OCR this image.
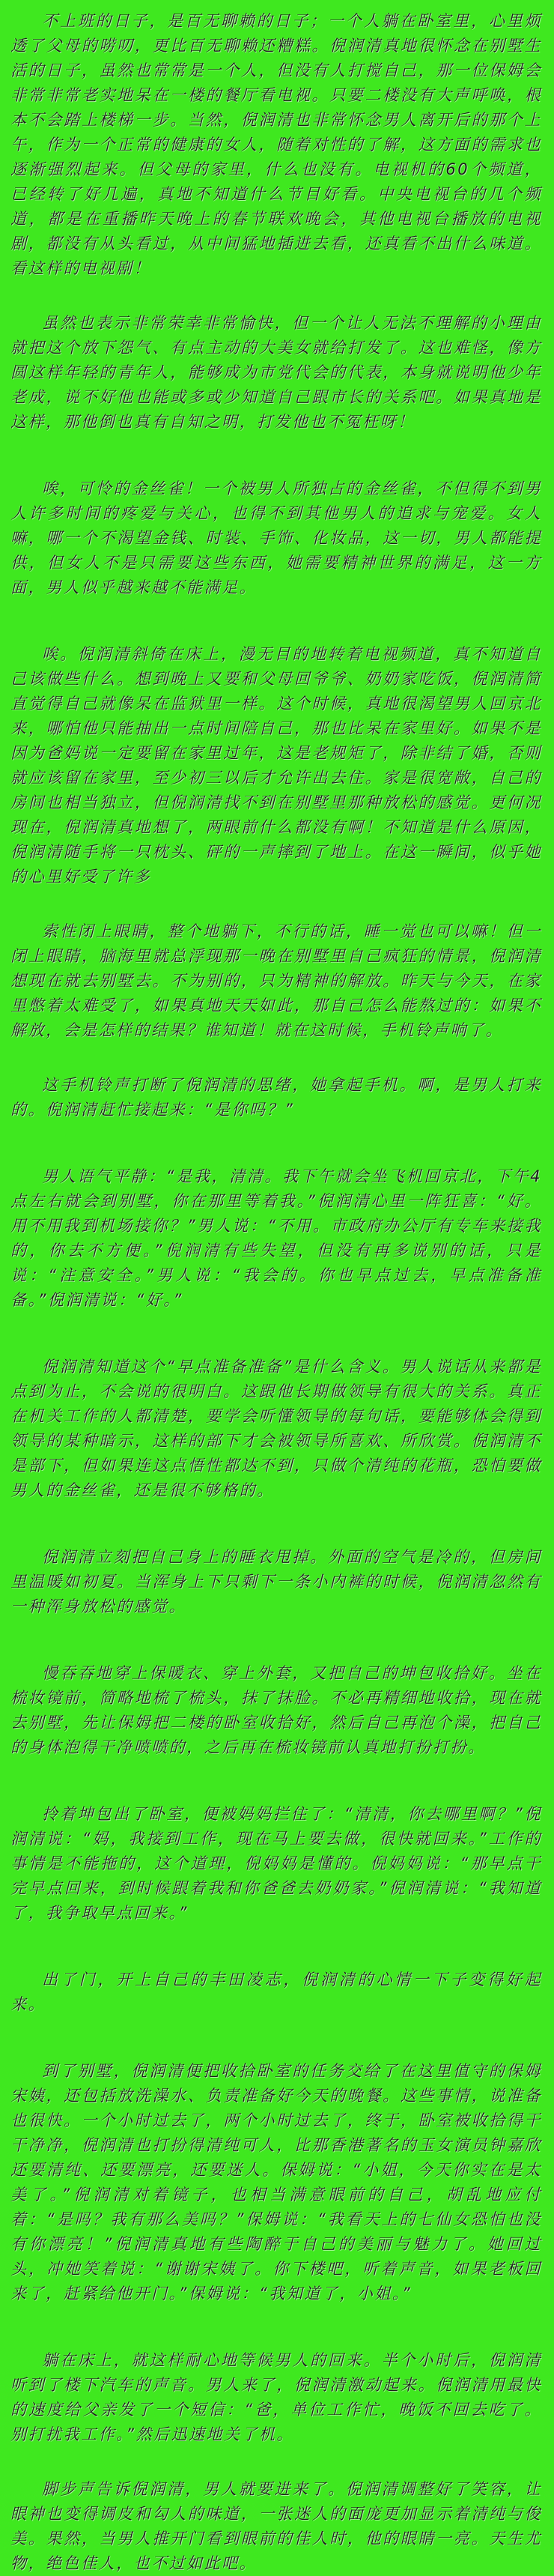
不上班的日子，是百无聊赖的日子；一个人躺在卧室里，心里烦透了父母的唠叨，更比百无聊赖还糟糕。倪润清真地很怀念在别墅生活的日子，虽然也常常是一个人，但没有人打搅自己，那一位保姆会非常非常老实地呆在一楼的餐厅看电视。只要二楼没有大声呼唤，根本不会踏上楼梯一步。当然，倪润清也非常怀念男人离开后的那个上午，作为一个正常的健康的女人，随着对性的了解，这方面的需求也逐渐强烈起来。但父母的家里，什么也没有。电视机的60个频道，已经转了好几遍，真地不知道什么节目好看。中央电视台的几个频道，都是在重播昨天晚上的春节联欢晚会，其他电视台播放的电视剧，都没有从头看过，从中间猛地插进去看，还真看不出什么味道。看这样的电视剧！

虽然也表示非常荣幸非常愉快，但一个让人无法不理解的小理由就把这个放下怨气、有点主动的大美女就给打发了。这也难怪，像方圆这样年轻的青年人，能够成为市党代会的代表，本身就说明他少年老成，说不好他也能或多或少知道自己跟市长的关系吧。如果真地是这样，那他倒也真有自知之明，打发他也不冤枉呀！

唉，可怜的金丝雀！一个被男人所独占的金丝雀，不但得不到男人许多时间的疼爱与关心，也得不到其他男人的追求与宠爱。女人嘛，哪一个不渴望金钱、时装、手饰、化妆品，这一切，男人都能提供，但女人不是只需要这些东西，她需要精神世界的满足，这一方面，男人似乎越来越不能满足。

唉。倪润清斜倚在床上，漫无目的地转着电视频道，真不知道自己该做些什么。想到晚上又要和父母回爷爷、奶奶家吃饭，倪润清简直觉得自己就像呆在监狱里一样。这个时候，真地很渴望男人回京北来，哪怕他只能抽出一点时间陪自己，那也比呆在家里好。如果不是因为爸妈说一定要留在家里过年，这是老规矩了，除非结了婚，否则就应该留在家里，至少初三以后才允许出去住。家是很宽敞，自己的房间也相当独立，但倪润清找不到在别墅里那种放松的感觉。更何况现在，倪润清真地想了，两眼前什么都没有啊！不知道是什么原因，倪润清随手将一只枕头、砰的一声摔到了地上。在这一瞬间，似乎她的心里好受了许多

索性闭上眼睛，整个地躺下，不行的话，睡一觉也可以嘛！但一闭上眼睛，脑海里就总浮现那一晚在别墅里自己疯狂的情景，倪润清想现在就去别墅去。不为别的，只为精神的解放。昨天与今天，在家里憋着太难受了，如果真地天天如此，那自己怎么能熬过的：如果不解放，会是怎样的结果？谁知道！就在这时候，手机铃声响了。

这手机铃声打断了倪润清的思绪，她拿起手机。啊，是男人打来的。倪润清赶忙接起来：“是你吗？”

男人语气平静：“是我，清清。我下午就会坐飞机回京北，下午4点左右就会到别墅，你在那里等着我。”倪润清心里一阵狂喜：“好。用不用我到机场接你？”男人说：“不用。市政府办公厅有专车来接我的，你去不方便。”倪润清有些失望，但没有再多说别的话，只是说：“注意安全。”男人说：“我会的。你也早点过去，早点准备准备。”倪润清说：“好。”

倪润清知道这个“早点准备准备”是什么含义。男人说话从来都是点到为止，不会说的很明白。这跟他长期做领导有很大的关系。真正在机关工作的人都清楚，要学会听懂领导的每句话，要能够体会得到领导的某种暗示，这样的部下才会被领导所喜欢、所欣赏。倪润清不是部下，但如果连这点悟性都达不到，只做个清纯的花瓶，恐怕要做男人的金丝雀，还是很不够格的。

倪润清立刻把自己身上的睡衣甩掉。外面的空气是冷的，但房间里温暖如初夏。当浑身上下只剩下一条小内裤的时候，倪润清忽然有一种浑身放松的感觉。

慢吞吞地穿上保暖衣、穿上外套，又把自己的坤包收拾好。坐在梳妆镜前，简略地梳了梳头，抹了抹脸。不必再精细地收拾，现在就去别墅，先让保姆把二楼的卧室收拾好，然后自己再泡个澡，把自己的身体泡得干净喷喷的，之后再在梳妆镜前认真地打扮打扮。

拎着坤包出了卧室，便被妈妈拦住了：“清清，你去哪里啊？”倪润清说：“妈，我接到工作，现在马上要去做，很快就回来。”工作的事情是不能拖的，这个道理，倪妈妈是懂的。倪妈妈说：“那早点干完早点回来，到时候跟着我和你爸爸去奶奶家。”倪润清说：“我知道了，我争取早点回来。”

出了门，开上自己的丰田凌志，倪润清的心情一下子变得好起来。

到了别墅，倪润清便把收拾卧室的任务交给了在这里值守的保姆宋姨，还包括放洗澡水、负责准备好今天的晚餐。这些事情，说准备也很快。一个小时过去了，两个小时过去了，终于，卧室被收拾得干干净净，倪润清也打扮得清纯可人，比那香港著名的玉女演员钟嘉欣还要清纯、还要漂亮，还要迷人。保姆说：“小姐，今天你实在是太美了。”倪润清对着镜子，也相当满意眼前的自己，胡乱地应付着：“是吗？我有那么美吗？”保姆说：“我看天上的七仙女恐怕也没有你漂亮！”倪润清真地有些陶醉于自己的美丽与魅力了。她回过头，冲她笑着说：“谢谢宋姨了。你下楼吧，听着声音，如果老板回来了，赶紧给他开门。”保姆说：“我知道了，小姐。”

躺在床上，就这样耐心地等候男人的回来。半个小时后，倪润清听到了楼下汽车的声音。男人来了，倪润清激动起来。倪润清用最快的速度给父亲发了一个短信：“爸，单位工作忙，晚饭不回去吃了。别打扰我工作。”然后迅速地关了机。

脚步声告诉倪润清，男人就要进来了。倪润清调整好了笑容，让眼神也变得调皮和勾人的味道，一张迷人的面庞更加显示着清纯与俊美。果然，当男人推开门看到眼前的佳人时，他的眼睛一亮。天生尤物，绝色佳人，也不过如此吧。
